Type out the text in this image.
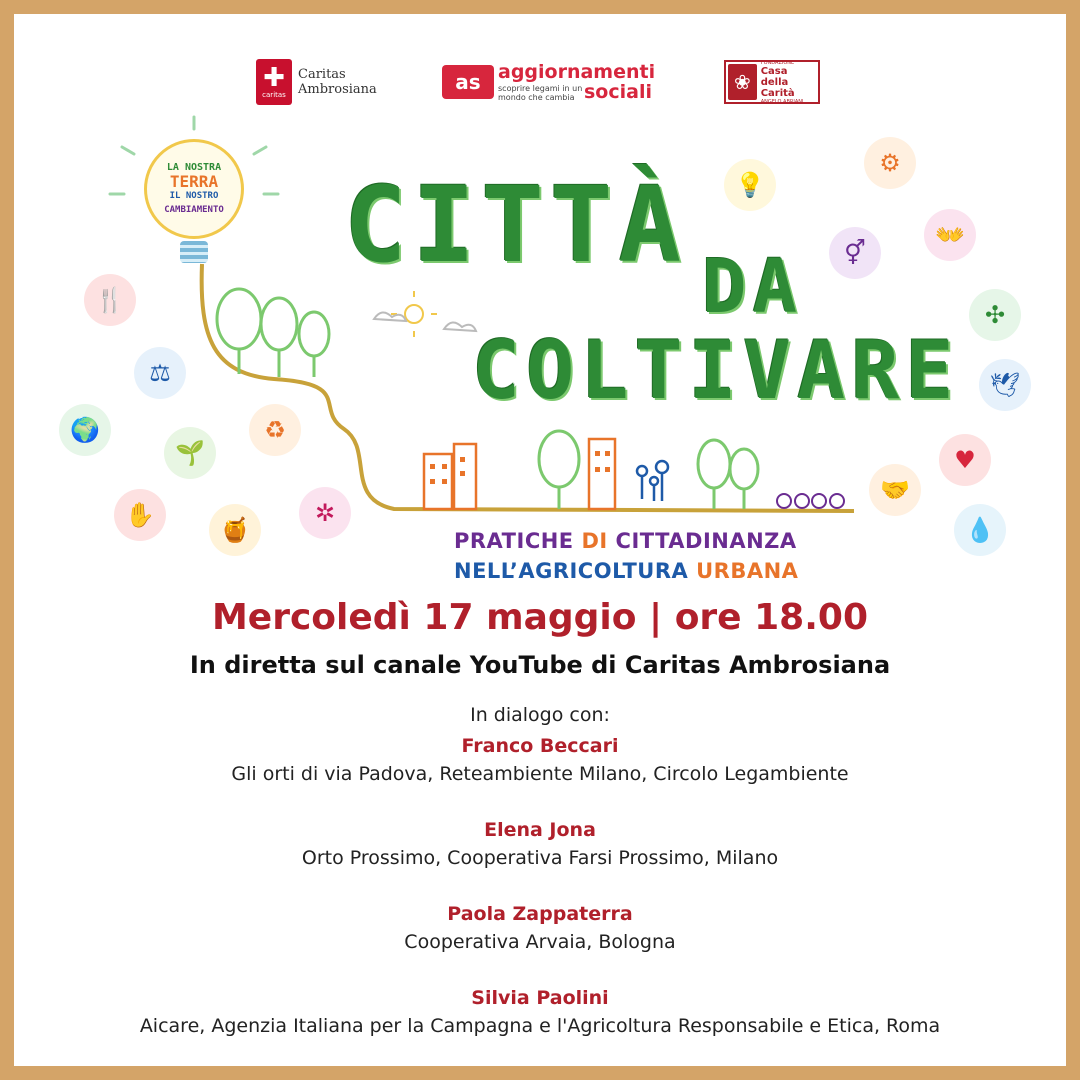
✚
caritas
Caritas
Ambrosiana	as aggiornamenti
scoprire legami in un mondo che cambia sociali	❀
FONDAZIONE
Casa della
Carità
ANGELO ABRIANI
LA NOSTRA
TERRA
IL NOSTRO
CAMBIAMENTO CITTÀ
DA
COLTIVARE
PRATICHE DI CITTADINANZA
NELL’AGRICOLTURA URBANA
🍴
⚖
🌍
🌱
♻
✋
🍯
✲
💡
⚙
⚥
👐
✣
🕊
♥
🤝
💧
Mercoledì 17 maggio | ore 18.00
In diretta sul canale YouTube di Caritas Ambrosiana
In dialogo con:
Franco Beccari
Gli orti di via Padova, Reteambiente Milano, Circolo Legambiente
Elena Jona
Orto Prossimo, Cooperativa Farsi Prossimo, Milano
Paola Zappaterra
Cooperativa Arvaia, Bologna
Silvia Paolini
Aicare, Agenzia Italiana per la Campagna e l'Agricoltura Responsabile e Etica, Roma
